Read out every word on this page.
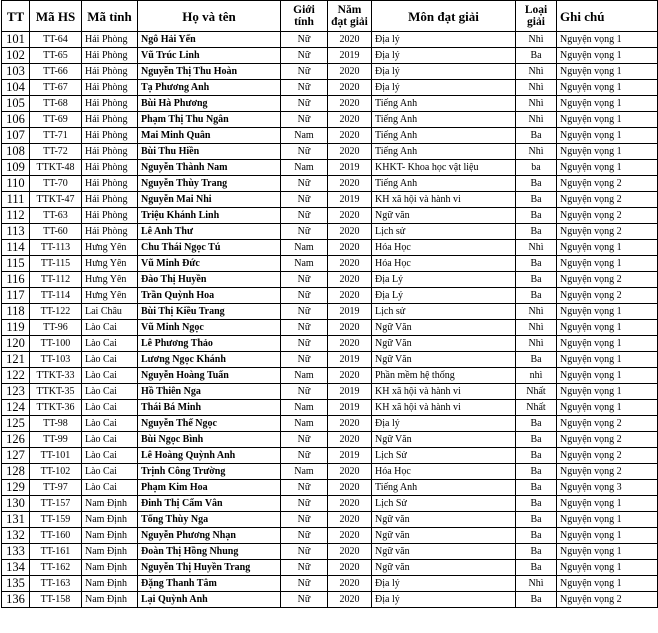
TT	Mã HS	Mã tỉnh	Họ và tên	Giới tính	Năm đạt giải	Môn đạt giải	Loại giải	Ghi chú
101	TT-64	Hải Phòng	Ngô Hải Yến	Nữ	2020	Địa lý	Nhì	Nguyện vọng 1
102	TT-65	Hải Phòng	Vũ Trúc Linh	Nữ	2019	Địa lý	Ba	Nguyện vọng 1
103	TT-66	Hải Phòng	Nguyễn Thị Thu Hoàn	Nữ	2020	Địa lý	Nhì	Nguyện vọng 1
104	TT-67	Hải Phòng	Tạ Phương Anh	Nữ	2020	Địa lý	Nhì	Nguyện vọng 1
105	TT-68	Hải Phòng	Bùi Hà Phương	Nữ	2020	Tiếng Anh	Nhì	Nguyện vọng 1
106	TT-69	Hải Phòng	Phạm Thị Thu Ngân	Nữ	2020	Tiếng Anh	Nhì	Nguyện vọng 1
107	TT-71	Hải Phòng	Mai Minh Quân	Nam	2020	Tiếng Anh	Ba	Nguyện vọng 1
108	TT-72	Hải Phòng	Bùi Thu Hiền	Nữ	2020	Tiếng Anh	Nhì	Nguyện vọng 1
109	TTKT-48	Hải Phòng	Nguyễn Thành Nam	Nam	2019	KHKT- Khoa học vật liệu	ba	Nguyện vọng 1
110	TT-70	Hải Phòng	Nguyễn Thùy Trang	Nữ	2020	Tiếng Anh	Ba	Nguyện vọng 2
111	TTKT-47	Hải Phòng	Nguyễn Mai Nhi	Nữ	2019	KH xã hội và hành vi	Ba	Nguyện vọng 2
112	TT-63	Hải Phòng	Triệu Khánh Linh	Nữ	2020	Ngữ văn	Ba	Nguyện vọng 2
113	TT-60	Hải Phòng	Lê Anh Thư	Nữ	2020	Lịch sử	Ba	Nguyện vọng 2
114	TT-113	Hưng Yên	Chu Thái Ngọc Tú	Nam	2020	Hóa Học	Nhì	Nguyện vọng 1
115	TT-115	Hưng Yên	Vũ Minh Đức	Nam	2020	Hóa Học	Ba	Nguyện vọng 1
116	TT-112	Hưng Yên	Đào Thị Huyền	Nữ	2020	Địa Lý	Ba	Nguyện vọng 2
117	TT-114	Hưng Yên	Trần Quỳnh Hoa	Nữ	2020	Địa Lý	Ba	Nguyện vọng 2
118	TT-122	Lai Châu	Bùi Thị Kiều Trang	Nữ	2019	Lịch sử	Nhì	Nguyện vọng 1
119	TT-96	Lào Cai	Vũ Minh Ngọc	Nữ	2020	Ngữ Văn	Nhì	Nguyện vọng 1
120	TT-100	Lào Cai	Lê Phương Thảo	Nữ	2020	Ngữ Văn	Nhì	Nguyện vọng 1
121	TT-103	Lào Cai	Lương Ngọc Khánh	Nữ	2019	Ngữ Văn	Ba	Nguyện vọng 1
122	TTKT-33	Lào Cai	Nguyễn Hoàng Tuấn	Nam	2020	Phần mềm hệ thống	nhì	Nguyện vọng 1
123	TTKT-35	Lào Cai	Hồ Thiên Nga	Nữ	2019	KH xã hội và hành vi	Nhất	Nguyện vọng 1
124	TTKT-36	Lào Cai	Thái Bá Minh	Nam	2019	KH xã hội và hành vi	Nhất	Nguyện vọng 1
125	TT-98	Lào Cai	Nguyễn Thế Ngọc	Nam	2020	Địa lý	Ba	Nguyện vọng 2
126	TT-99	Lào Cai	Bùi Ngọc Bình	Nữ	2020	Ngữ Văn	Ba	Nguyện vọng 2
127	TT-101	Lào Cai	Lê Hoàng Quỳnh Anh	Nữ	2019	Lịch Sử	Ba	Nguyện vọng 2
128	TT-102	Lào Cai	Trịnh Công Trường	Nam	2020	Hóa Học	Ba	Nguyện vọng 2
129	TT-97	Lào Cai	Phạm Kim Hoa	Nữ	2020	Tiếng Anh	Ba	Nguyện vọng 3
130	TT-157	Nam Định	Đinh Thị Cẩm Vân	Nữ	2020	Lịch Sử	Ba	Nguyện vọng 1
131	TT-159	Nam Định	Tống Thùy Nga	Nữ	2020	Ngữ văn	Ba	Nguyện vọng 1
132	TT-160	Nam Định	Nguyễn Phương Nhạn	Nữ	2020	Ngữ văn	Ba	Nguyện vọng 1
133	TT-161	Nam Định	Đoàn Thị Hồng Nhung	Nữ	2020	Ngữ văn	Ba	Nguyện vọng 1
134	TT-162	Nam Định	Nguyễn Thị Huyền Trang	Nữ	2020	Ngữ văn	Ba	Nguyện vọng 1
135	TT-163	Nam Định	Đặng Thanh Tâm	Nữ	2020	Địa lý	Nhì	Nguyện vọng 1
136	TT-158	Nam Định	Lại Quỳnh Anh	Nữ	2020	Địa lý	Ba	Nguyện vọng 2
